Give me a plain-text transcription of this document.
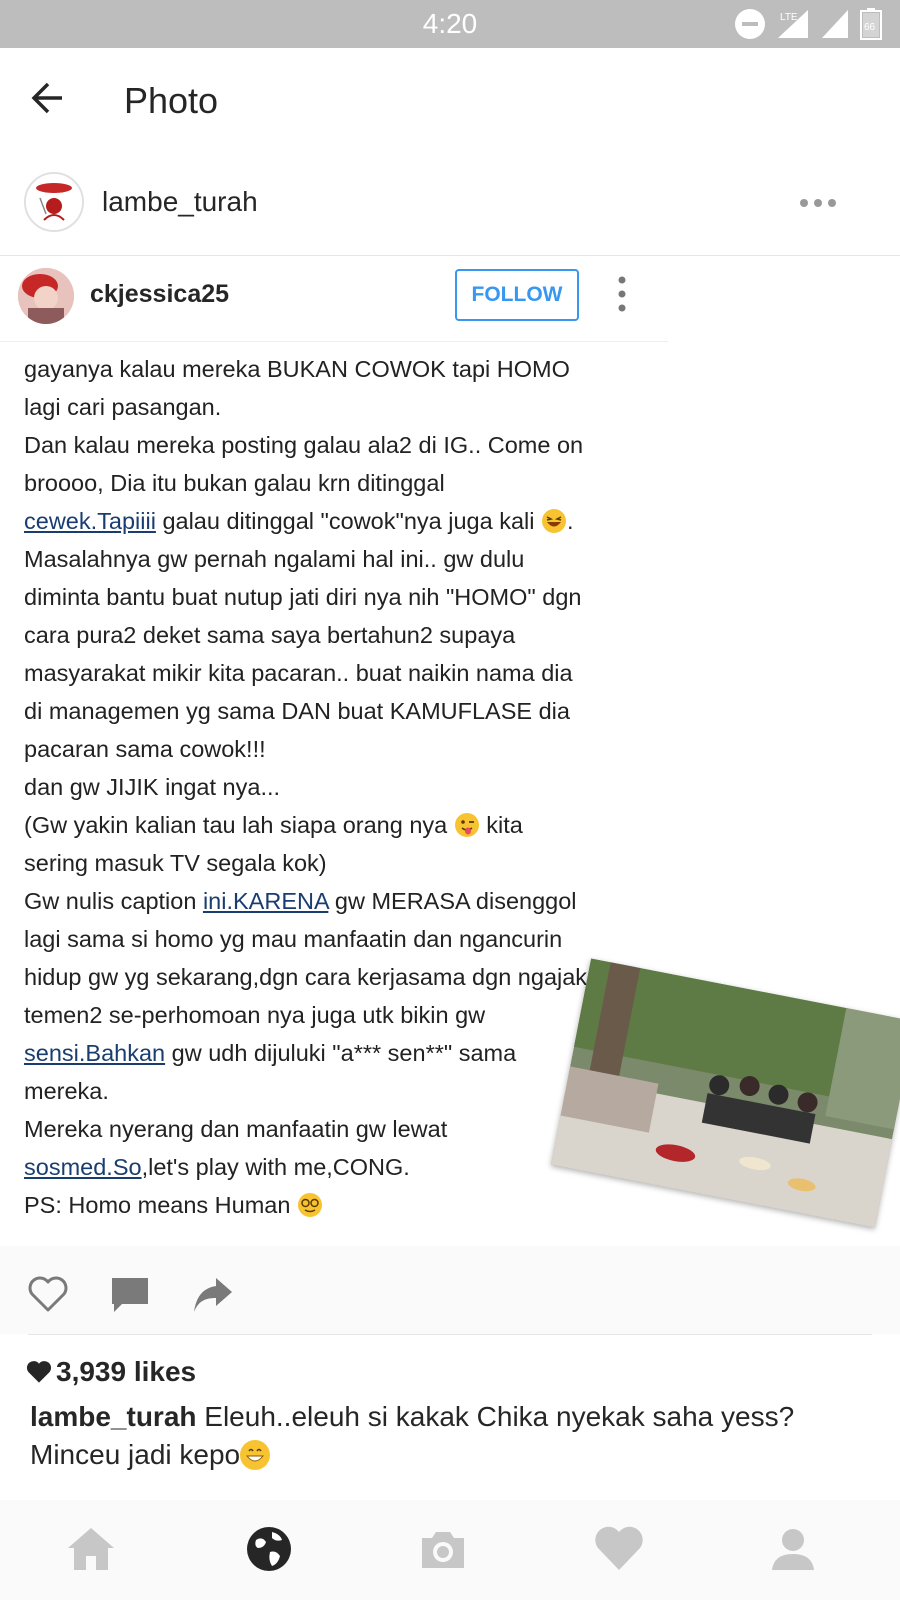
4:20	LTE
66
Photo
lambe_turah
ckjessica25	FOLLOW
gayanya kalau mereka BUKAN COWOK tapi HOMO
lagi cari pasangan.
Dan kalau mereka posting galau ala2 di IG.. Come on
broooo, Dia itu bukan galau krn ditinggal
cewek.Tapiiii galau ditinggal "cowok"nya juga kali .
Masalahnya gw pernah ngalami hal ini.. gw dulu
diminta bantu buat nutup jati diri nya nih "HOMO" dgn
cara pura2 deket sama saya bertahun2 supaya
masyarakat mikir kita pacaran.. buat naikin nama dia
di managemen yg sama DAN buat KAMUFLASE dia
pacaran sama cowok!!!
dan gw JIJIK ingat nya...
(Gw yakin kalian tau lah siapa orang nya  kita
sering masuk TV segala kok)
Gw nulis caption ini.KARENA gw MERASA disenggol
lagi sama si homo yg mau manfaatin dan ngancurin
hidup gw yg sekarang,dgn cara kerjasama dgn ngajak
temen2 se-perhomoan nya juga utk bikin gw
sensi.Bahkan gw udh dijuluki "a*** sen**" sama
mereka.
Mereka nyerang dan manfaatin gw lewat
sosmed.So,let's play with me,CONG.
PS: Homo means Human
3,939 likes
lambe_turah Eleuh..eleuh si kakak Chika nyekak saha yess?
Minceu jadi kepo
